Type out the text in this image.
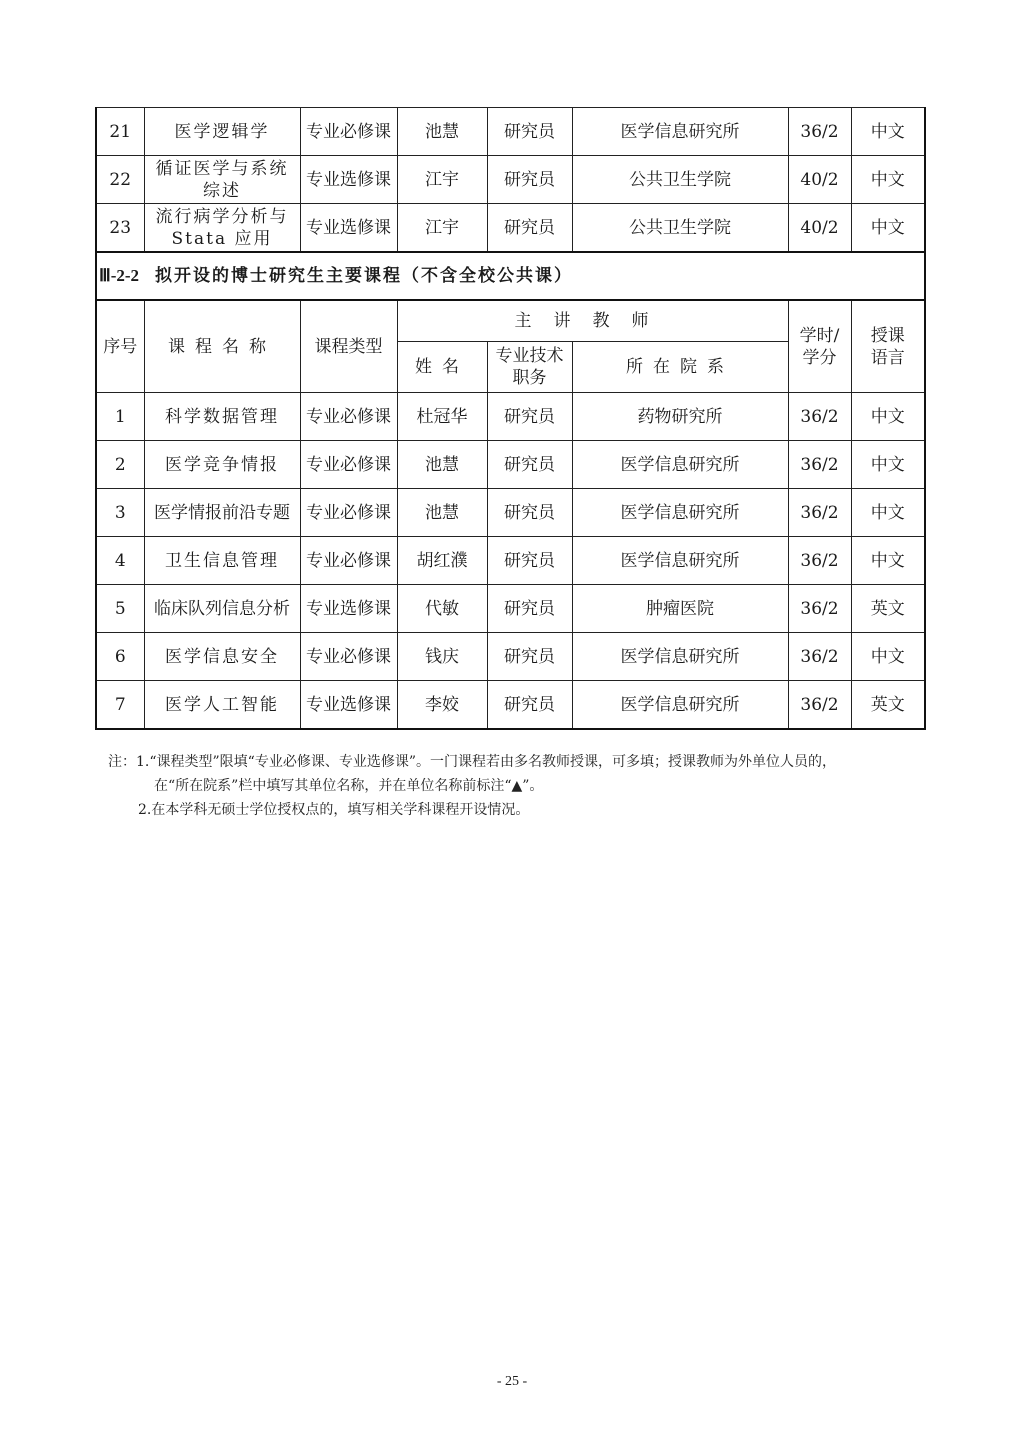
21	医学逻辑学	专业必修课	池慧	研究员	医学信息研究所	36/2	中文
22	循证医学与系统综述	专业选修课	江宇	研究员	公共卫生学院	40/2	中文
23	流行病学分析与Stata 应用	专业选修课	江宇	研究员	公共卫生学院	40/2	中文
Ⅲ-2-2 拟开设的博士研究生主要课程（不含全校公共课）							
序号	课程名称	课程类型	主讲教师			学时/学分	授课语言
			姓名	专业技术职务	所在院系		
1	科学数据管理	专业必修课	杜冠华	研究员	药物研究所	36/2	中文
2	医学竞争情报	专业必修课	池慧	研究员	医学信息研究所	36/2	中文
3	医学情报前沿专题	专业必修课	池慧	研究员	医学信息研究所	36/2	中文
4	卫生信息管理	专业必修课	胡红濮	研究员	医学信息研究所	36/2	中文
5	临床队列信息分析	专业选修课	代敏	研究员	肿瘤医院	36/2	英文
6	医学信息安全	专业必修课	钱庆	研究员	医学信息研究所	36/2	中文
7	医学人工智能	专业选修课	李姣	研究员	医学信息研究所	36/2	英文
注：1.“课程类型”限填“专业必修课、专业选修课”。一门课程若由多名教师授课，可多填；授课教师为外单位人员的，
在“所在院系”栏中填写其单位名称，并在单位名称前标注“▲”。
2.在本学科无硕士学位授权点的，填写相关学科课程开设情况。
- 25 -
